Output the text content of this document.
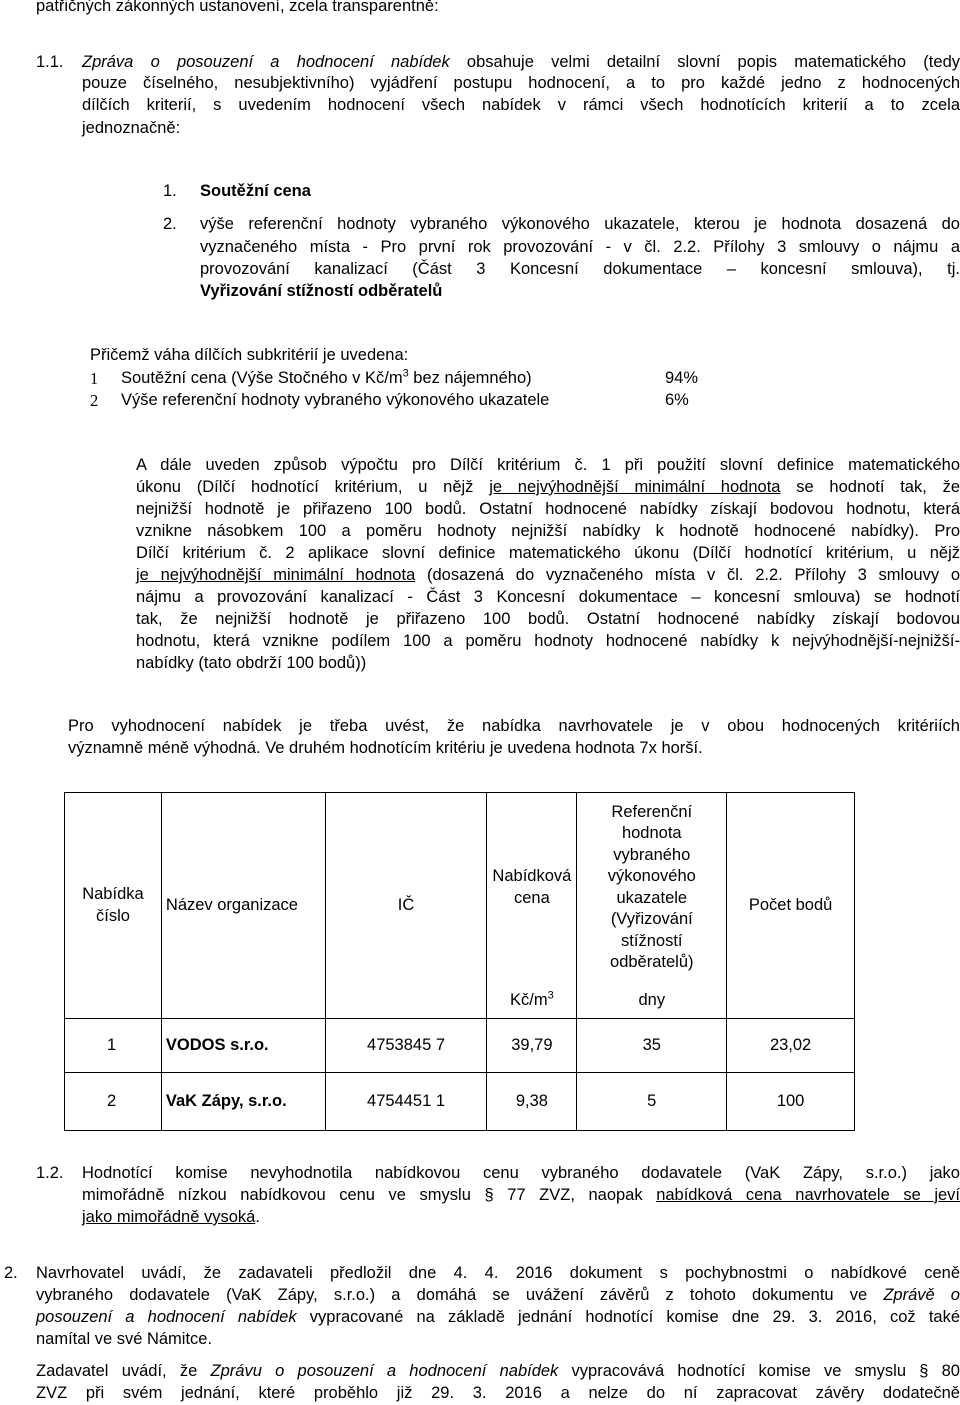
patřičných zákonných ustanovení, zcela transparentně:
1.1. Zpráva o posouzení a hodnocení nabídek obsahuje velmi detailní slovní popis matematického (tedy
pouze číselného, nesubjektivního) vyjádření postupu hodnocení, a to pro každé jedno z hodnocených
dílčích kriterií, s uvedením hodnocení všech nabídek v rámci všech hodnotících kriterií a to zcela
jednoznačně:
1. Soutěžní cena
2. výše referenční hodnoty vybraného výkonového ukazatele, kterou je hodnota dosazená do
vyznačeného místa - Pro první rok provozování - v čl. 2.2. Přílohy 3 smlouvy o nájmu a
provozování kanalizací (Část 3 Koncesní dokumentace – koncesní smlouva), tj.
Vyřizování stížností odběratelů
Přičemž váha dílčích subkritérií je uvedena:
1 Soutěžní cena (Výše Stočného v $Kč/m^3$ bez nájemného)	94%
2 Výše referenční hodnoty vybraného výkonového ukazatele	6%
A dále uveden způsob výpočtu pro Dílčí kritérium č. 1 při použití slovní definice matematického
úkonu (Dílčí hodnotící kritérium, u nějž je nejvýhodnější minimální hodnota se hodnotí tak, že
nejnižší hodnotě je přiřazeno 100 bodů. Ostatní hodnocené nabídky získají bodovou hodnotu, která
vznikne násobkem 100 a poměru hodnoty nejnižší nabídky k hodnotě hodnocené nabídky). Pro
Dílčí kritérium č. 2 aplikace slovní definice matematického úkonu (Dílčí hodnotící kritérium, u nějž
je nejvýhodnější minimální hodnota (dosazená do vyznačeného místa v čl. 2.2. Přílohy 3 smlouvy o
nájmu a provozování kanalizací - Část 3 Koncesní dokumentace – koncesní smlouva) se hodnotí
tak, že nejnižší hodnotě je přiřazeno 100 bodů. Ostatní hodnocené nabídky získají bodovou
hodnotu, která vznikne podílem 100 a poměru hodnoty hodnocené nabídky k nejvýhodnější-nejnižší-
nabídky (tato obdrží 100 bodů))
Pro vyhodnocení nabídek je třeba uvést, že nabídka navrhovatele je v obou hodnocených kritériích
významně méně výhodná. Ve druhém hodnotícím kritériu je uvedena hodnota 7x horší.
Nabídka číslo	Název organizace	IČ	Nabídková cena	Referenční hodnota vybraného výkonového ukazatele (Vyřizování stížností odběratelů)	Počet bodů
			$Kč/m^3$	dny	
1	VODOS s.r.o.	4753845 7	39,79	35	23,02
2	VaK Zápy, s.r.o.	4754451 1	9,38	5	100
1.2. Hodnotící komise nevyhodnotila nabídkovou cenu vybraného dodavatele (VaK Zápy, s.r.o.) jako
mimořádně nízkou nabídkovou cenu ve smyslu § 77 ZVZ, naopak nabídková cena navrhovatele se jeví
jako mimořádně vysoká.
2. Navrhovatel uvádí, že zadavateli předložil dne 4. 4. 2016 dokument s pochybnostmi o nabídkové ceně
vybraného dodavatele (VaK Zápy, s.r.o.) a domáhá se uvážení závěrů z tohoto dokumentu ve Zprávě o
posouzení a hodnocení nabídek vypracované na základě jednání hodnotící komise dne 29. 3. 2016, což také
namítal ve své Námitce.
Zadavatel uvádí, že Zprávu o posouzení a hodnocení nabídek vypracovává hodnotící komise ve smyslu § 80
ZVZ při svém jednání, které proběhlo již 29. 3. 2016 a nelze do ní zapracovat závěry dodatečně
